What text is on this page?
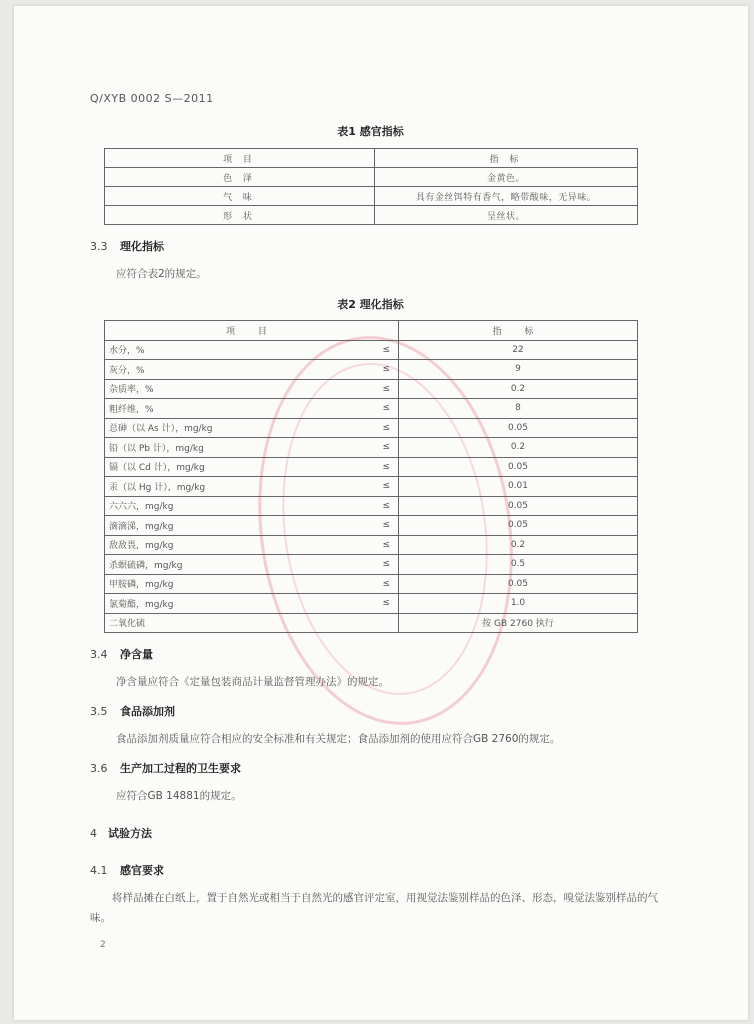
Q/XYB 0002 S—2011
表1 感官指标
项 目	指 标
色 泽	金黄色。
气 味	具有金丝饵特有香气，略带酸味，无异味。
形 状	呈丝状。
3.3 理化指标
应符合表2的规定。
表2 理化指标
项 目		指 标
水分，%	≤	22
灰分，%	≤	9
杂质率，%	≤	0.2
粗纤维，%	≤	8
总砷（以 As 计），mg/kg	≤	0.05
铅（以 Pb 计），mg/kg	≤	0.2
镉（以 Cd 计），mg/kg	≤	0.05
汞（以 Hg 计），mg/kg	≤	0.01
六六六，mg/kg	≤	0.05
滴滴涕，mg/kg	≤	0.05
敌敌畏，mg/kg	≤	0.2
杀螟硫磷，mg/kg	≤	0.5
甲胺磷，mg/kg	≤	0.05
氯菊酯，mg/kg	≤	1.0
二氧化硫		按 GB 2760 执行
3.4 净含量
净含量应符合《定量包装商品计量监督管理办法》的规定。
3.5 食品添加剂
食品添加剂质量应符合相应的安全标准和有关规定；食品添加剂的使用应符合GB 2760的规定。
3.6 生产加工过程的卫生要求
应符合GB 14881的规定。
4 试验方法
4.1 感官要求
将样品摊在白纸上，置于自然光或相当于自然光的感官评定室，用视觉法鉴别样品的色泽、形态，嗅觉法鉴别样品的气味。
2
